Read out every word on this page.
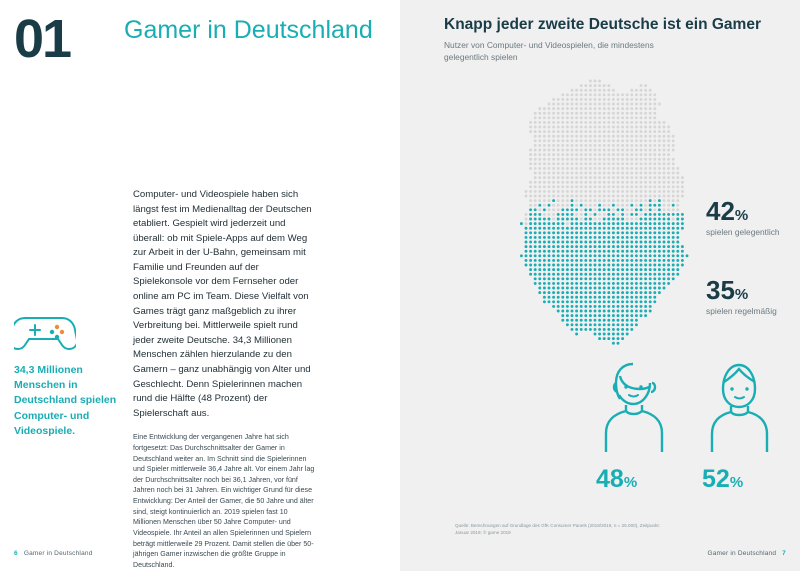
01	Gamer in Deutschland
Computer- und Videospiele haben sich längst fest im Medienalltag der Deutschen etabliert. Gespielt wird jederzeit und überall: ob mit Spiele-Apps auf dem Weg zur Arbeit in der U-Bahn, gemeinsam mit Familie und Freunden auf der Spielekonsole vor dem Fernseher oder online am PC im Team. Diese Vielfalt von Games trägt ganz maßgeblich zu ihrer Verbreitung bei. Mittlerweile spielt rund jeder zweite Deutsche. 34,3 Millionen Menschen zählen hierzulande zu den Gamern – ganz unabhängig von Alter und Geschlecht. Denn Spielerinnen machen rund die Hälfte (48 Prozent) der Spielerschaft aus.
Eine Entwicklung der vergangenen Jahre hat sich fortgesetzt: Das Durchschnittsalter der Gamer in Deutschland weiter an. Im Schnitt sind die Spielerinnen und Spieler mittlerweile 36,4 Jahre alt. Vor einem Jahr lag der Durchschnittsalter noch bei 36,1 Jahren, vor fünf Jahren noch bei 31 Jahren. Ein wichtiger Grund für diese Entwicklung: Der Anteil der Gamer, die 50 Jahre und älter sind, steigt kontinuierlich an. 2019 spielen fast 10 Millionen Menschen über 50 Jahre Computer- und Videospiele. Ihr Anteil an allen Spielerinnen und Spielern beträgt mittlerweile 29 Prozent. Damit stellen die über 50-jährigen Gamer inzwischen die größte Gruppe in Deutschland.
34,3 Millionen Menschen in Deutschland spielen Computer- und Videospiele.
6 Gamer in Deutschland
Knapp jeder zweite Deutsche ist ein Gamer
Nutzer von Computer- und Videospielen, die mindestens gelegentlich spielen
42%
spielen gelegentlich
35%
spielen regelmäßig
48%	52%
Quelle: Berechnungen auf Grundlage des GfK Consumer Panels (2018/2019, n = 25.000), Zeitpunkt: Januar 2019; © game 2019
Gamer in Deutschland 7
